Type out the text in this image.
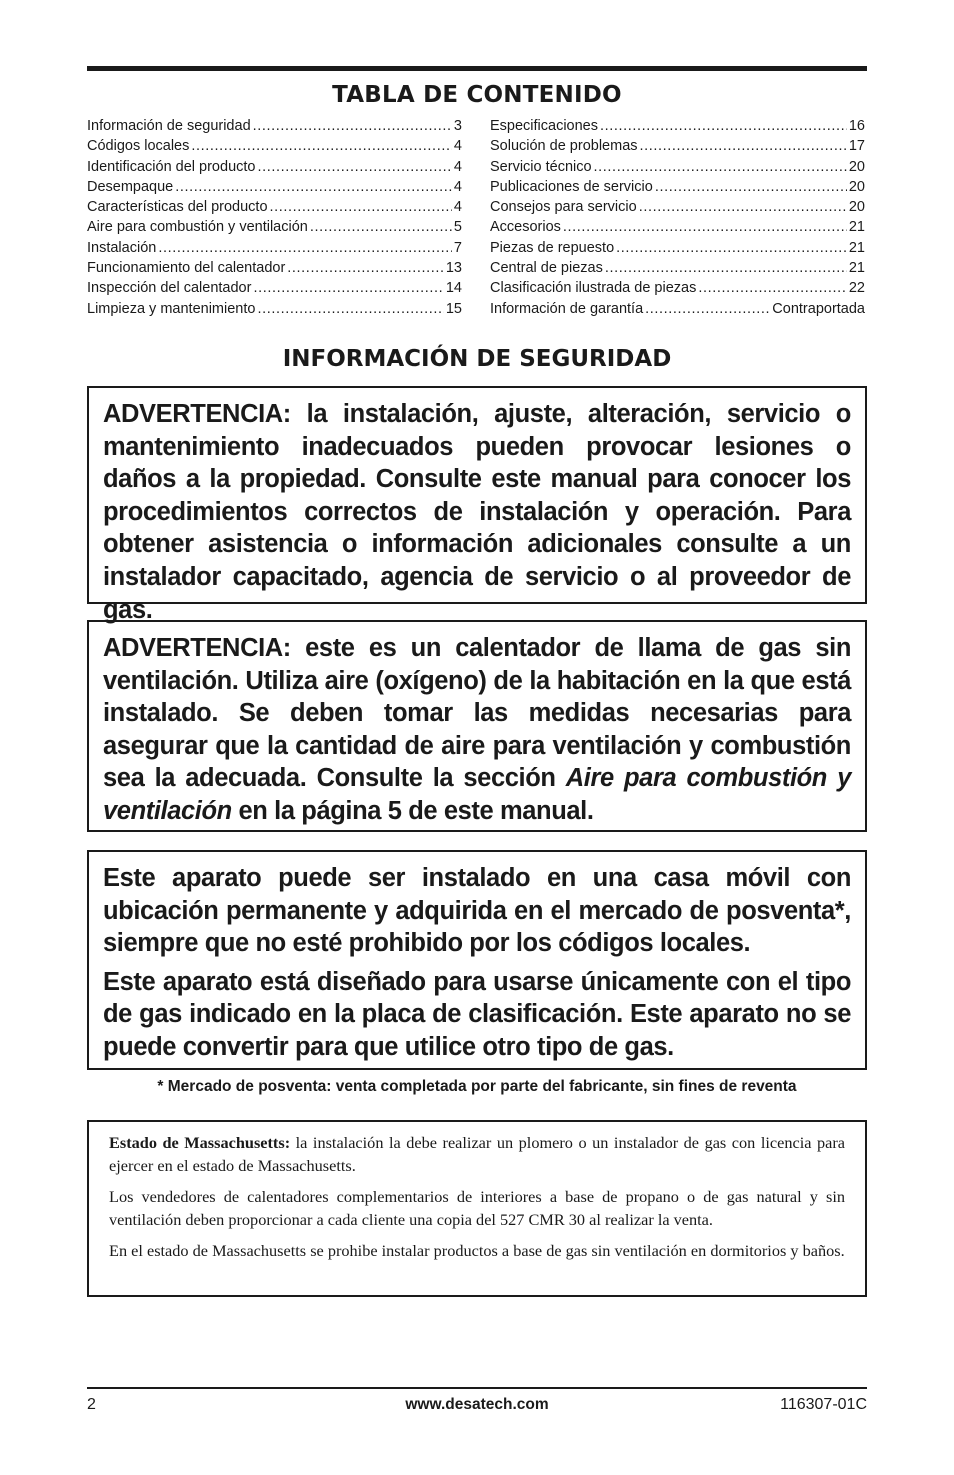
TABLA DE CONTENIDO
Información de seguridad .....	3
Códigos locales .....	4
Identificación del producto .....	4
Desempaque .....	4
Características del producto .....	4
Aire para combustión y ventilación .....	5
Instalación .....	7
Funcionamiento del calentador .....	13
Inspección del calentador .....	14
Limpieza y mantenimiento .....	15
Especificaciones .....	16
Solución de problemas .....	17
Servicio técnico .....	20
Publicaciones de servicio .....	20
Consejos para servicio .....	20
Accesorios .....	21
Piezas de repuesto .....	21
Central de piezas .....	21
Clasificación ilustrada de piezas .....	22
Información de garantía .....	Contraportada
INFORMACIÓN DE SEGURIDAD

ADVERTENCIA: la instalación, ajuste, alteración, servicio o mantenimiento inadecuados pueden provocar lesiones o daños a la propiedad. Consulte este manual para conocer los procedimientos correctos de instalación y operación. Para obtener asistencia o información adicionales consulte a un instalador capacitado, agencia de servicio o al proveedor de gas.

ADVERTENCIA: este es un calentador de llama de gas sin ventilación. Utiliza aire (oxígeno) de la habitación en la que está instalado. Se deben tomar las medidas necesarias para asegurar que la cantidad de aire para ventilación y combustión sea la adecuada. Consulte la sección Aire para combustión y ventilación en la página 5 de este manual.

Este aparato puede ser instalado en una casa móvil con ubicación permanente y adquirida en el mercado de posventa*, siempre que no esté prohibido por los códigos locales.

Este aparato está diseñado para usarse únicamente con el tipo de gas indicado en la placa de clasificación. Este aparato no se puede convertir para que utilice otro tipo de gas.

* Mercado de posventa: venta completada por parte del fabricante, sin fines de reventa

Estado de Massachusetts: la instalación la debe realizar un plomero o un instalador de gas con licencia para ejercer en el estado de Massachusetts.

Los vendedores de calentadores complementarios de interiores a base de propano o de gas natural y sin ventilación deben proporcionar a cada cliente una copia del 527 CMR 30 al realizar la venta.

En el estado de Massachusetts se prohibe instalar productos a base de gas sin ventilación en dormitorios y baños.

2	www.desatech.com	116307-01C
